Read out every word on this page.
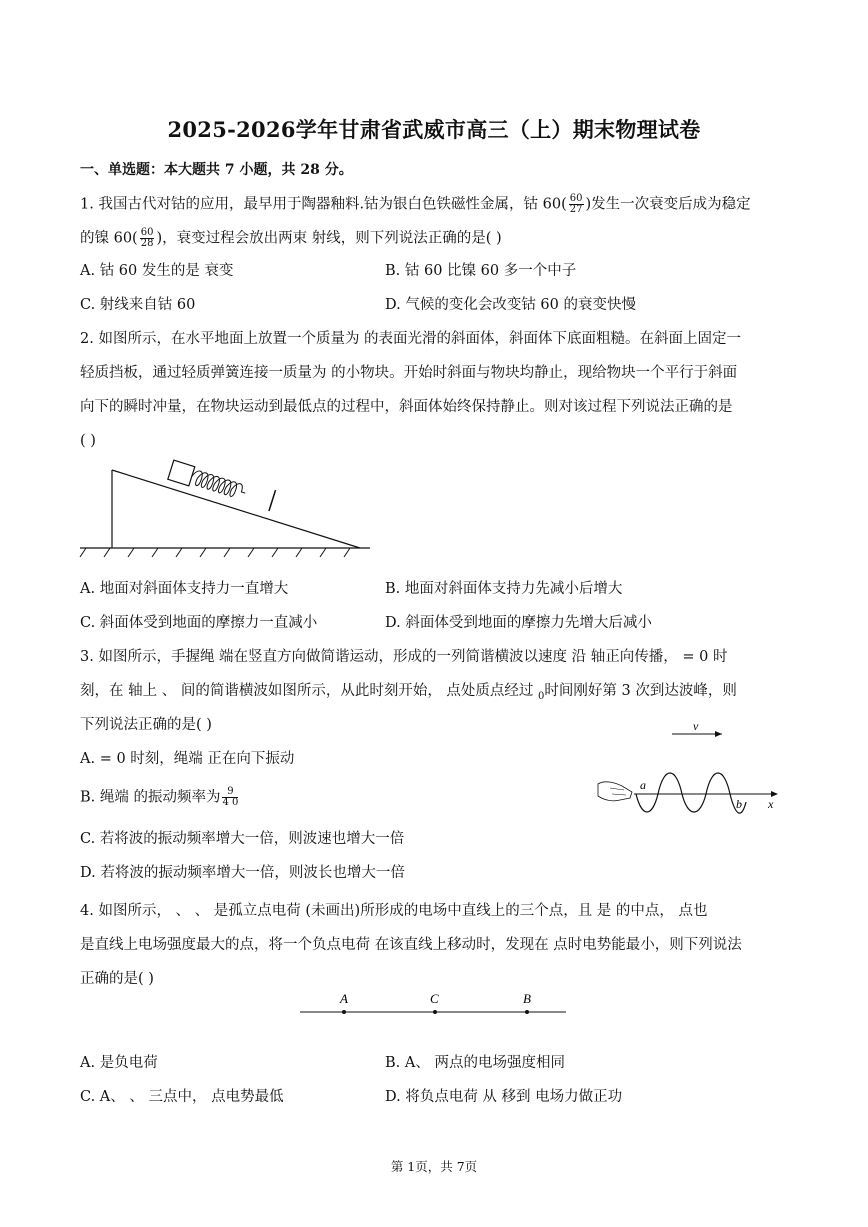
2025-2026学年甘肃省武威市高三（上）期末物理试卷
一、单选题：本大题共 7 小题，共 28 分。
1. 我国古代对钴的应用，最早用于陶器釉料.钴为银白色铁磁性金属，钴 $60( \frac{60}{27}$ )发生一次衰变后成为稳定
的镍 $60( \frac{60}{28}$ )，衰变过程会放出两束 射线，则下列说法正确的是( )
A. 钴 60 发生的是 衰变	B. 钴 60 比镍 60 多一个中子
C. 射线来自钴 60	D. 气候的变化会改变钴 60 的衰变快慢
2. 如图所示，在水平地面上放置一个质量为 的表面光滑的斜面体，斜面体下底面粗糙。在斜面上固定一
轻质挡板，通过轻质弹簧连接一质量为 的小物块。开始时斜面与物块均静止，现给物块一个平行于斜面
向下的瞬时冲量，在物块运动到最低点的过程中，斜面体始终保持静止。则对该过程下列说法正确的是
( )
A. 地面对斜面体支持力一直增大	B. 地面对斜面体支持力先减小后增大
C. 斜面体受到地面的摩擦力一直减小	D. 斜面体受到地面的摩擦力先增大后减小
3. 如图所示，手握绳 端在竖直方向做简谐运动，形成的一列简谐横波以速度 沿 轴正向传播， = 0 时
刻，在 轴上 、 间的简谐横波如图所示，从此时刻开始， 点处质点经过 $_0$时间刚好第 3 次到达波峰，则
下列说法正确的是( )
A. = 0 时刻，绳端 正在向下振动
B. 绳端 的振动频率为 $\frac{9}{4 0}$
C. 若将波的振动频率增大一倍，则波速也增大一倍
D. 若将波的振动频率增大一倍，则波长也增大一倍
v
a
b x
4. 如图所示， 、 、 是孤立点电荷 (未画出)所形成的电场中直线上的三个点，且 是 的中点， 点也
是直线上电场强度最大的点，将一个负点电荷 在该直线上移动时，发现在 点时电势能最小，则下列说法
正确的是( )
A	C	B
A. 是负电荷	B. A、 两点的电场强度相同
C. A、 、 三点中， 点电势最低	D. 将负点电荷 从 移到 电场力做正功
第 1页，共 7页
